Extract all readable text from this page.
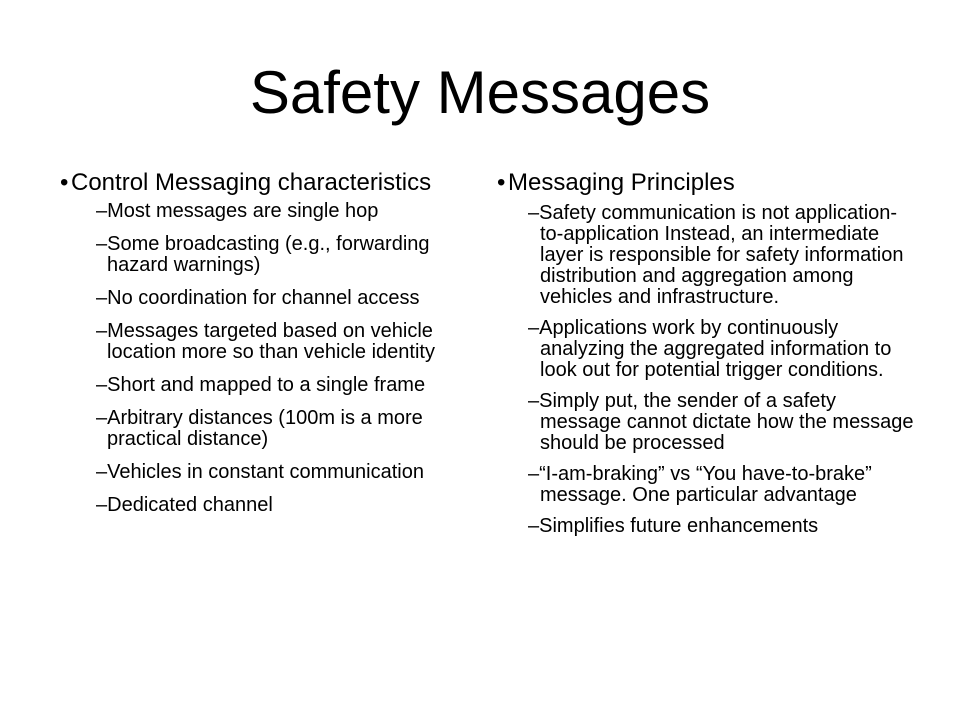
Safety Messages
• Control Messaging characteristics
–Most messages are single hop
–Some broadcasting (e.g., forwarding hazard warnings)
–No coordination for channel access
–Messages targeted based on vehicle location more so than vehicle identity
–Short and mapped to a single frame
–Arbitrary distances (100m is a more practical distance)
–Vehicles in constant communication
–Dedicated channel
• Messaging Principles
–Safety communication is not application-to-application Instead, an intermediate layer is responsible for safety information distribution and aggregation among vehicles and infrastructure.
–Applications work by continuously analyzing the aggregated information to look out for potential trigger conditions.
–Simply put, the sender of a safety message cannot dictate how the message should be processed
–“I-am-braking” vs “You have-to-brake” message. One particular advantage
–Simplifies future enhancements
